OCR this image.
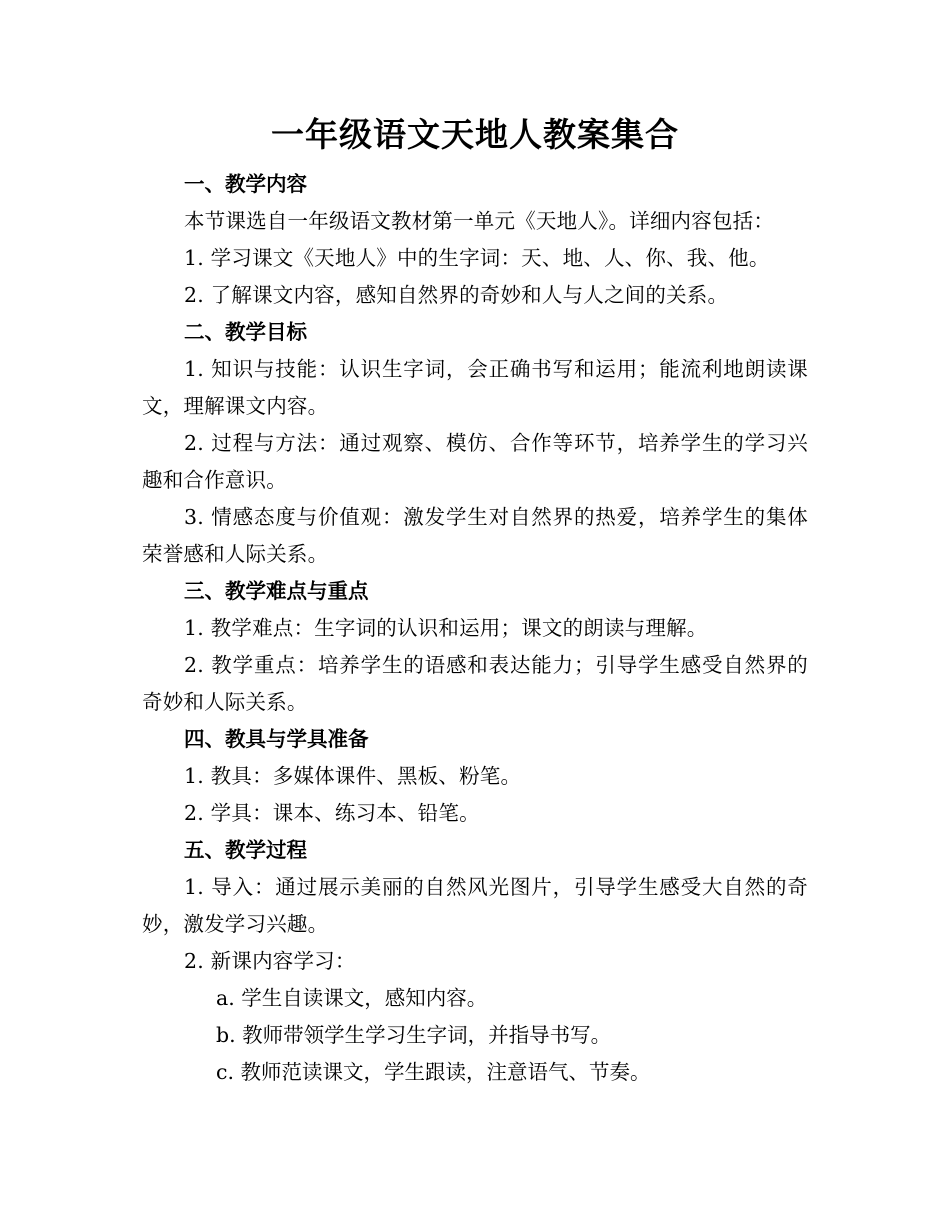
一年级语文天地人教案集合

一、教学内容

本节课选自一年级语文教材第一单元《天地人》。详细内容包括：

1. 学习课文《天地人》中的生字词：天、地、人、你、我、他。

2. 了解课文内容，感知自然界的奇妙和人与人之间的关系。

二、教学目标

1. 知识与技能：认识生字词，会正确书写和运用；能流利地朗读课文，理解课文内容。

2. 过程与方法：通过观察、模仿、合作等环节，培养学生的学习兴趣和合作意识。

3. 情感态度与价值观：激发学生对自然界的热爱，培养学生的集体荣誉感和人际关系。

三、教学难点与重点

1. 教学难点：生字词的认识和运用；课文的朗读与理解。

2. 教学重点：培养学生的语感和表达能力；引导学生感受自然界的奇妙和人际关系。

四、教具与学具准备

1. 教具：多媒体课件、黑板、粉笔。

2. 学具：课本、练习本、铅笔。

五、教学过程

1. 导入：通过展示美丽的自然风光图片，引导学生感受大自然的奇妙，激发学习兴趣。

2. 新课内容学习：

a. 学生自读课文，感知内容。

b. 教师带领学生学习生字词，并指导书写。

c. 教师范读课文，学生跟读，注意语气、节奏。
